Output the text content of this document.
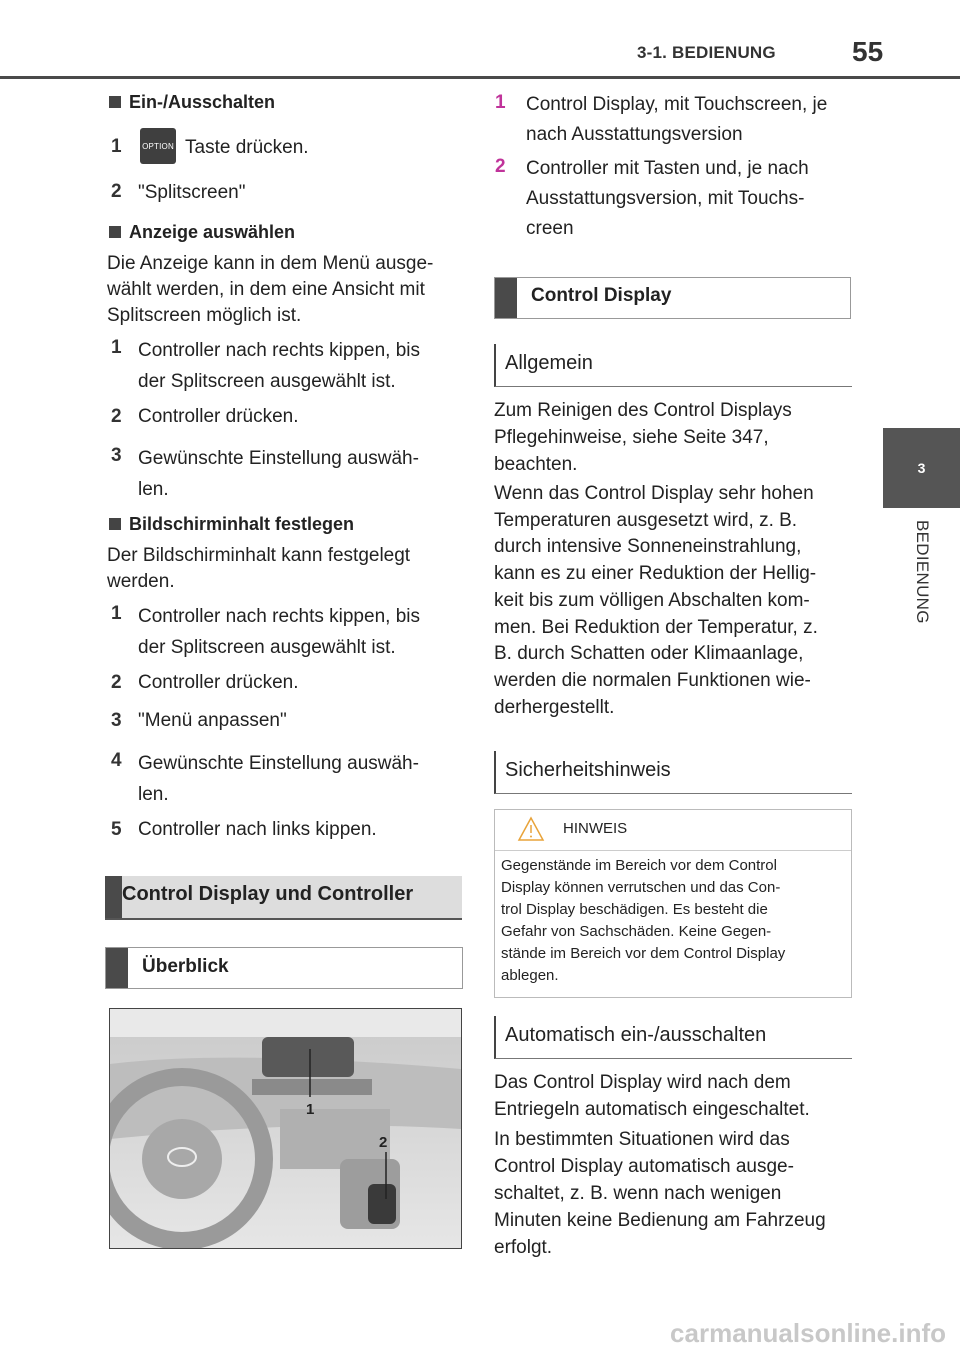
3-1. BEDIENUNG	55
3
BEDIENUNG
Ein-/Ausschalten
1	OPTION Taste drücken.
2 "Splitscreen"
Anzeige auswählen
Die Anzeige kann in dem Menü ausge-
wählt werden, in dem eine Ansicht mit
Splitscreen möglich ist.
1 Controller nach rechts kippen, bis
der Splitscreen ausgewählt ist.
2 Controller drücken.
3 Gewünschte Einstellung auswäh-
len.
Bildschirminhalt festlegen
Der Bildschirminhalt kann festgelegt
werden.
1 Controller nach rechts kippen, bis
der Splitscreen ausgewählt ist.
2 Controller drücken.
3 "Menü anpassen"
4 Gewünschte Einstellung auswäh-
len.
5 Controller nach links kippen.
Control Display und Controller
Überblick
1
2
1 Control Display, mit Touchscreen, je
nach Ausstattungsversion
2 Controller mit Tasten und, je nach
Ausstattungsversion, mit Touchs-
creen
Control Display
Allgemein
Zum Reinigen des Control Displays
Pflegehinweise, siehe Seite 347,
beachten.
Wenn das Control Display sehr hohen
Temperaturen ausgesetzt wird, z. B.
durch intensive Sonneneinstrahlung,
kann es zu einer Reduktion der Hellig-
keit bis zum völligen Abschalten kom-
men. Bei Reduktion der Temperatur, z.
B. durch Schatten oder Klimaanlage,
werden die normalen Funktionen wie-
derhergestellt.
Sicherheitshinweis
HINWEIS
Gegenstände im Bereich vor dem Control
Display können verrutschen und das Con-
trol Display beschädigen. Es besteht die
Gefahr von Sachschäden. Keine Gegen-
stände im Bereich vor dem Control Display
ablegen.
Automatisch ein-/ausschalten
Das Control Display wird nach dem
Entriegeln automatisch eingeschaltet.
In bestimmten Situationen wird das
Control Display automatisch ausge-
schaltet, z. B. wenn nach wenigen
Minuten keine Bedienung am Fahrzeug
erfolgt.
carmanualsonline.info
